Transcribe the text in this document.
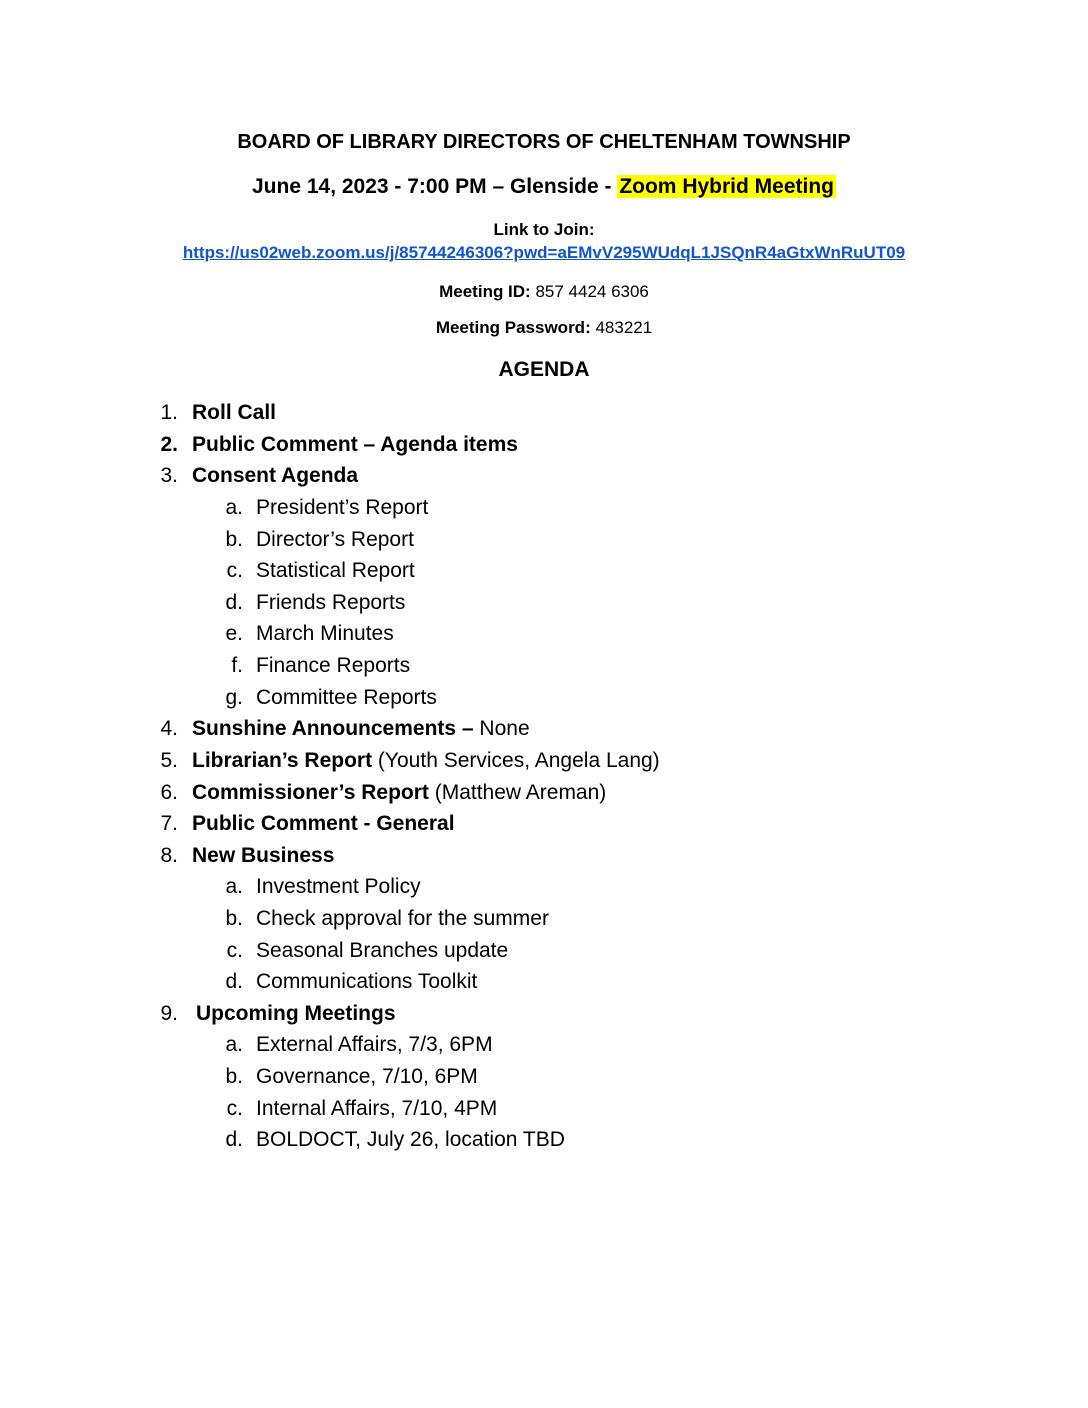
BOARD OF LIBRARY DIRECTORS OF CHELTENHAM TOWNSHIP
June 14, 2023 - 7:00 PM – Glenside - Zoom Hybrid Meeting
Link to Join:
https://us02web.zoom.us/j/85744246306?pwd=aEMvV295WUdqL1JSQnR4aGtxWnRuUT09
Meeting ID: 857 4424 6306
Meeting Password: 483221
AGENDA
1. Roll Call
2. Public Comment – Agenda items
3. Consent Agenda
a. President’s Report
b. Director’s Report
c. Statistical Report
d. Friends Reports
e. March Minutes
f. Finance Reports
g. Committee Reports
4. Sunshine Announcements – None
5. Librarian’s Report (Youth Services, Angela Lang)
6. Commissioner’s Report (Matthew Areman)
7. Public Comment - General
8. New Business
a. Investment Policy
b. Check approval for the summer
c. Seasonal Branches update
d. Communications Toolkit
9. Upcoming Meetings
a. External Affairs, 7/3, 6PM
b. Governance, 7/10, 6PM
c. Internal Affairs, 7/10, 4PM
d. BOLDOCT, July 26, location TBD
